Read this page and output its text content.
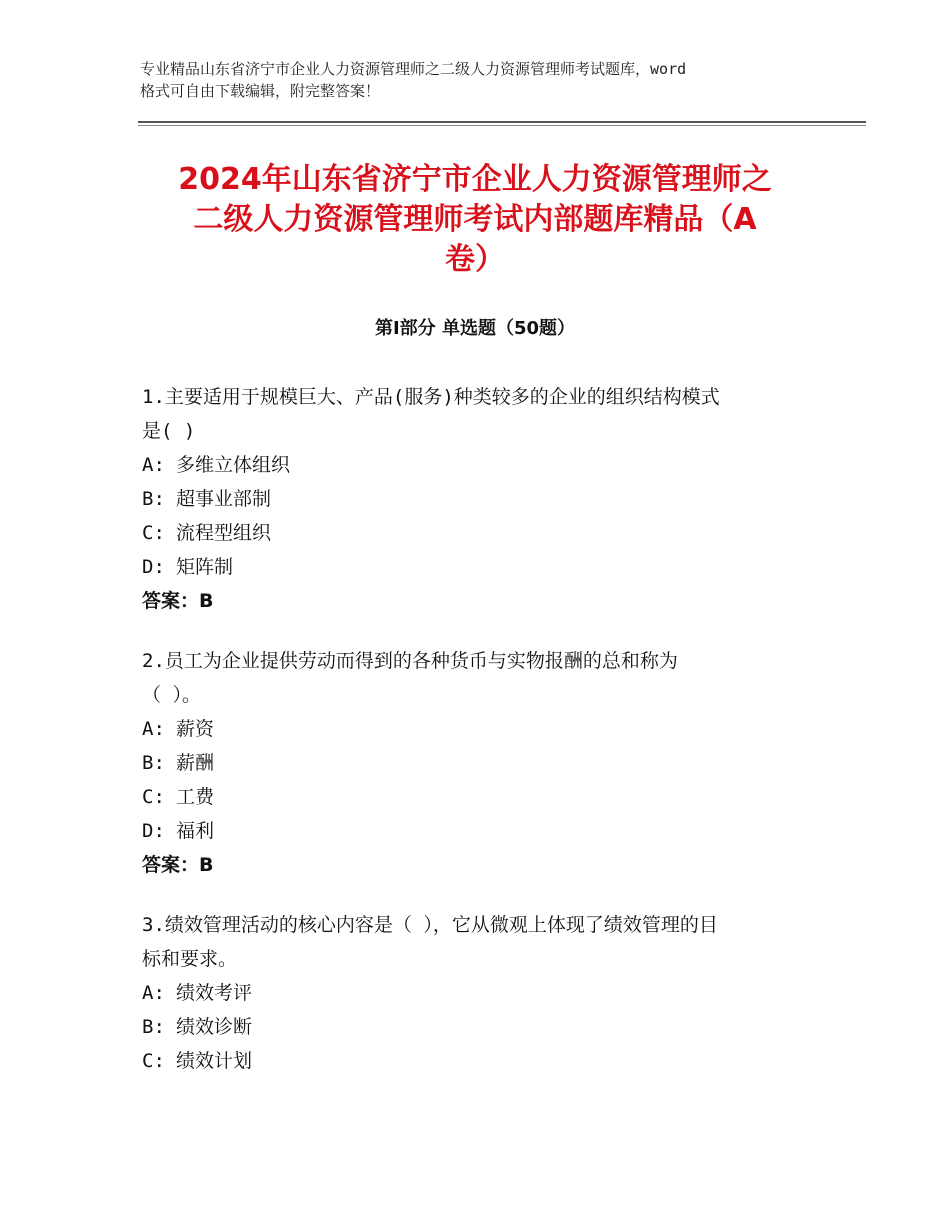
专业精品山东省济宁市企业人力资源管理师之二级人力资源管理师考试题库，word
格式可自由下载编辑，附完整答案！
2024年山东省济宁市企业人力资源管理师之
二级人力资源管理师考试内部题库精品（A
卷）
第Ⅰ部分 单选题（50题）
1.主要适用于规模巨大、产品(服务)种类较多的企业的组织结构模式
是( )
A: 多维立体组织
B: 超事业部制
C: 流程型组织
D: 矩阵制
答案：B
2.员工为企业提供劳动而得到的各种货币与实物报酬的总和称为
（ ）。
A: 薪资
B: 薪酬
C: 工费
D: 福利
答案：B
3.绩效管理活动的核心内容是（ ），它从微观上体现了绩效管理的目
标和要求。
A: 绩效考评
B: 绩效诊断
C: 绩效计划
